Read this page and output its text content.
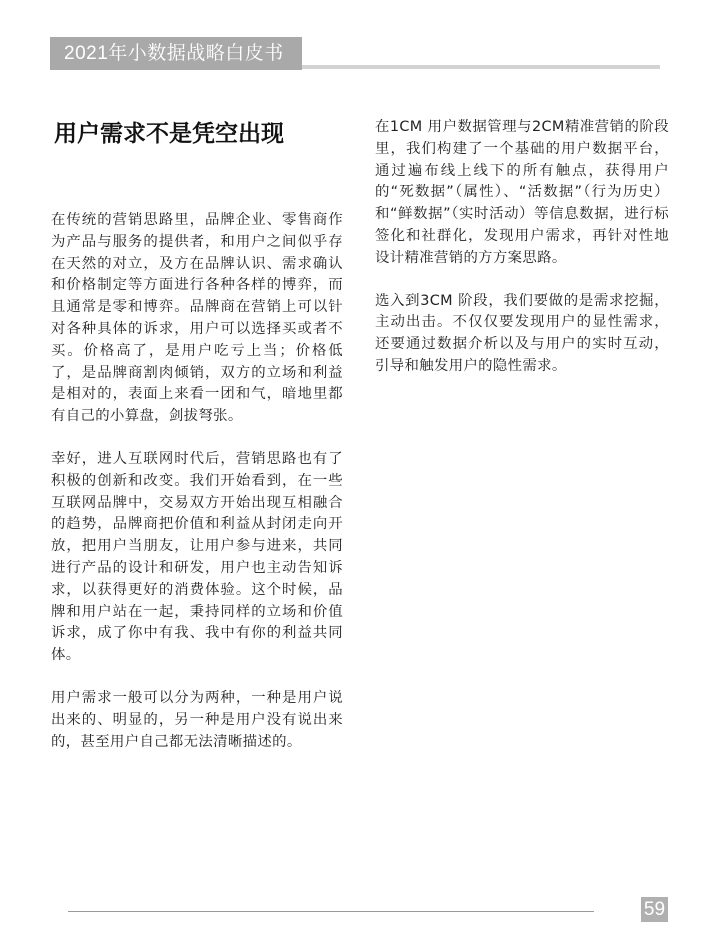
2021年小数据战略白皮书
用户需求不是凭空出现

在传统的营销思路里，品牌企业、零售商作为产品与服务的提供者，和用户之间似乎存在天然的对立，及方在品牌认识、需求确认和价格制定等方面进行各种各样的博弈，而且通常是零和博弈。品牌商在营销上可以针对各种具体的诉求，用户可以选择买或者不买。价格高了，是用户吃亏上当；价格低了，是品牌商割肉倾销，双方的立场和利益是相对的，表面上来看一团和气，暗地里都有自己的小算盘，剑拔弩张。

幸好，进人互联网时代后，营销思路也有了积极的创新和改变。我们开始看到，在一些互联网品牌中，交易双方开始出现互相融合的趋势，品牌商把价值和利益从封闭走向开放，把用户当朋友，让用户参与进来，共同进行产品的设计和研发，用户也主动告知诉求，以获得更好的消费体验。这个时候，品牌和用户站在一起，秉持同样的立场和价值诉求，成了你中有我、我中有你的利益共同体。

用户需求一般可以分为两种，一种是用户说出来的、明显的，另一种是用户没有说出来的，甚至用户自己都无法清晰描述的。

在1CM 用户数据管理与2CM精准营销的阶段里，我们构建了一个基础的用户数据平台，通过遍布线上线下的所有触点，获得用户的“死数据”（属性）、“活数据”（行为历史）和“鲜数据”（实时活动）等信息数据，进行标签化和社群化，发现用户需求，再针对性地设计精准营销的方方案思路。

选入到3CM 阶段，我们要做的是需求挖掘，主动出击。不仅仅要发现用户的显性需求，还要通过数据介析以及与用户的实时互动，引导和触发用户的隐性需求。

59
